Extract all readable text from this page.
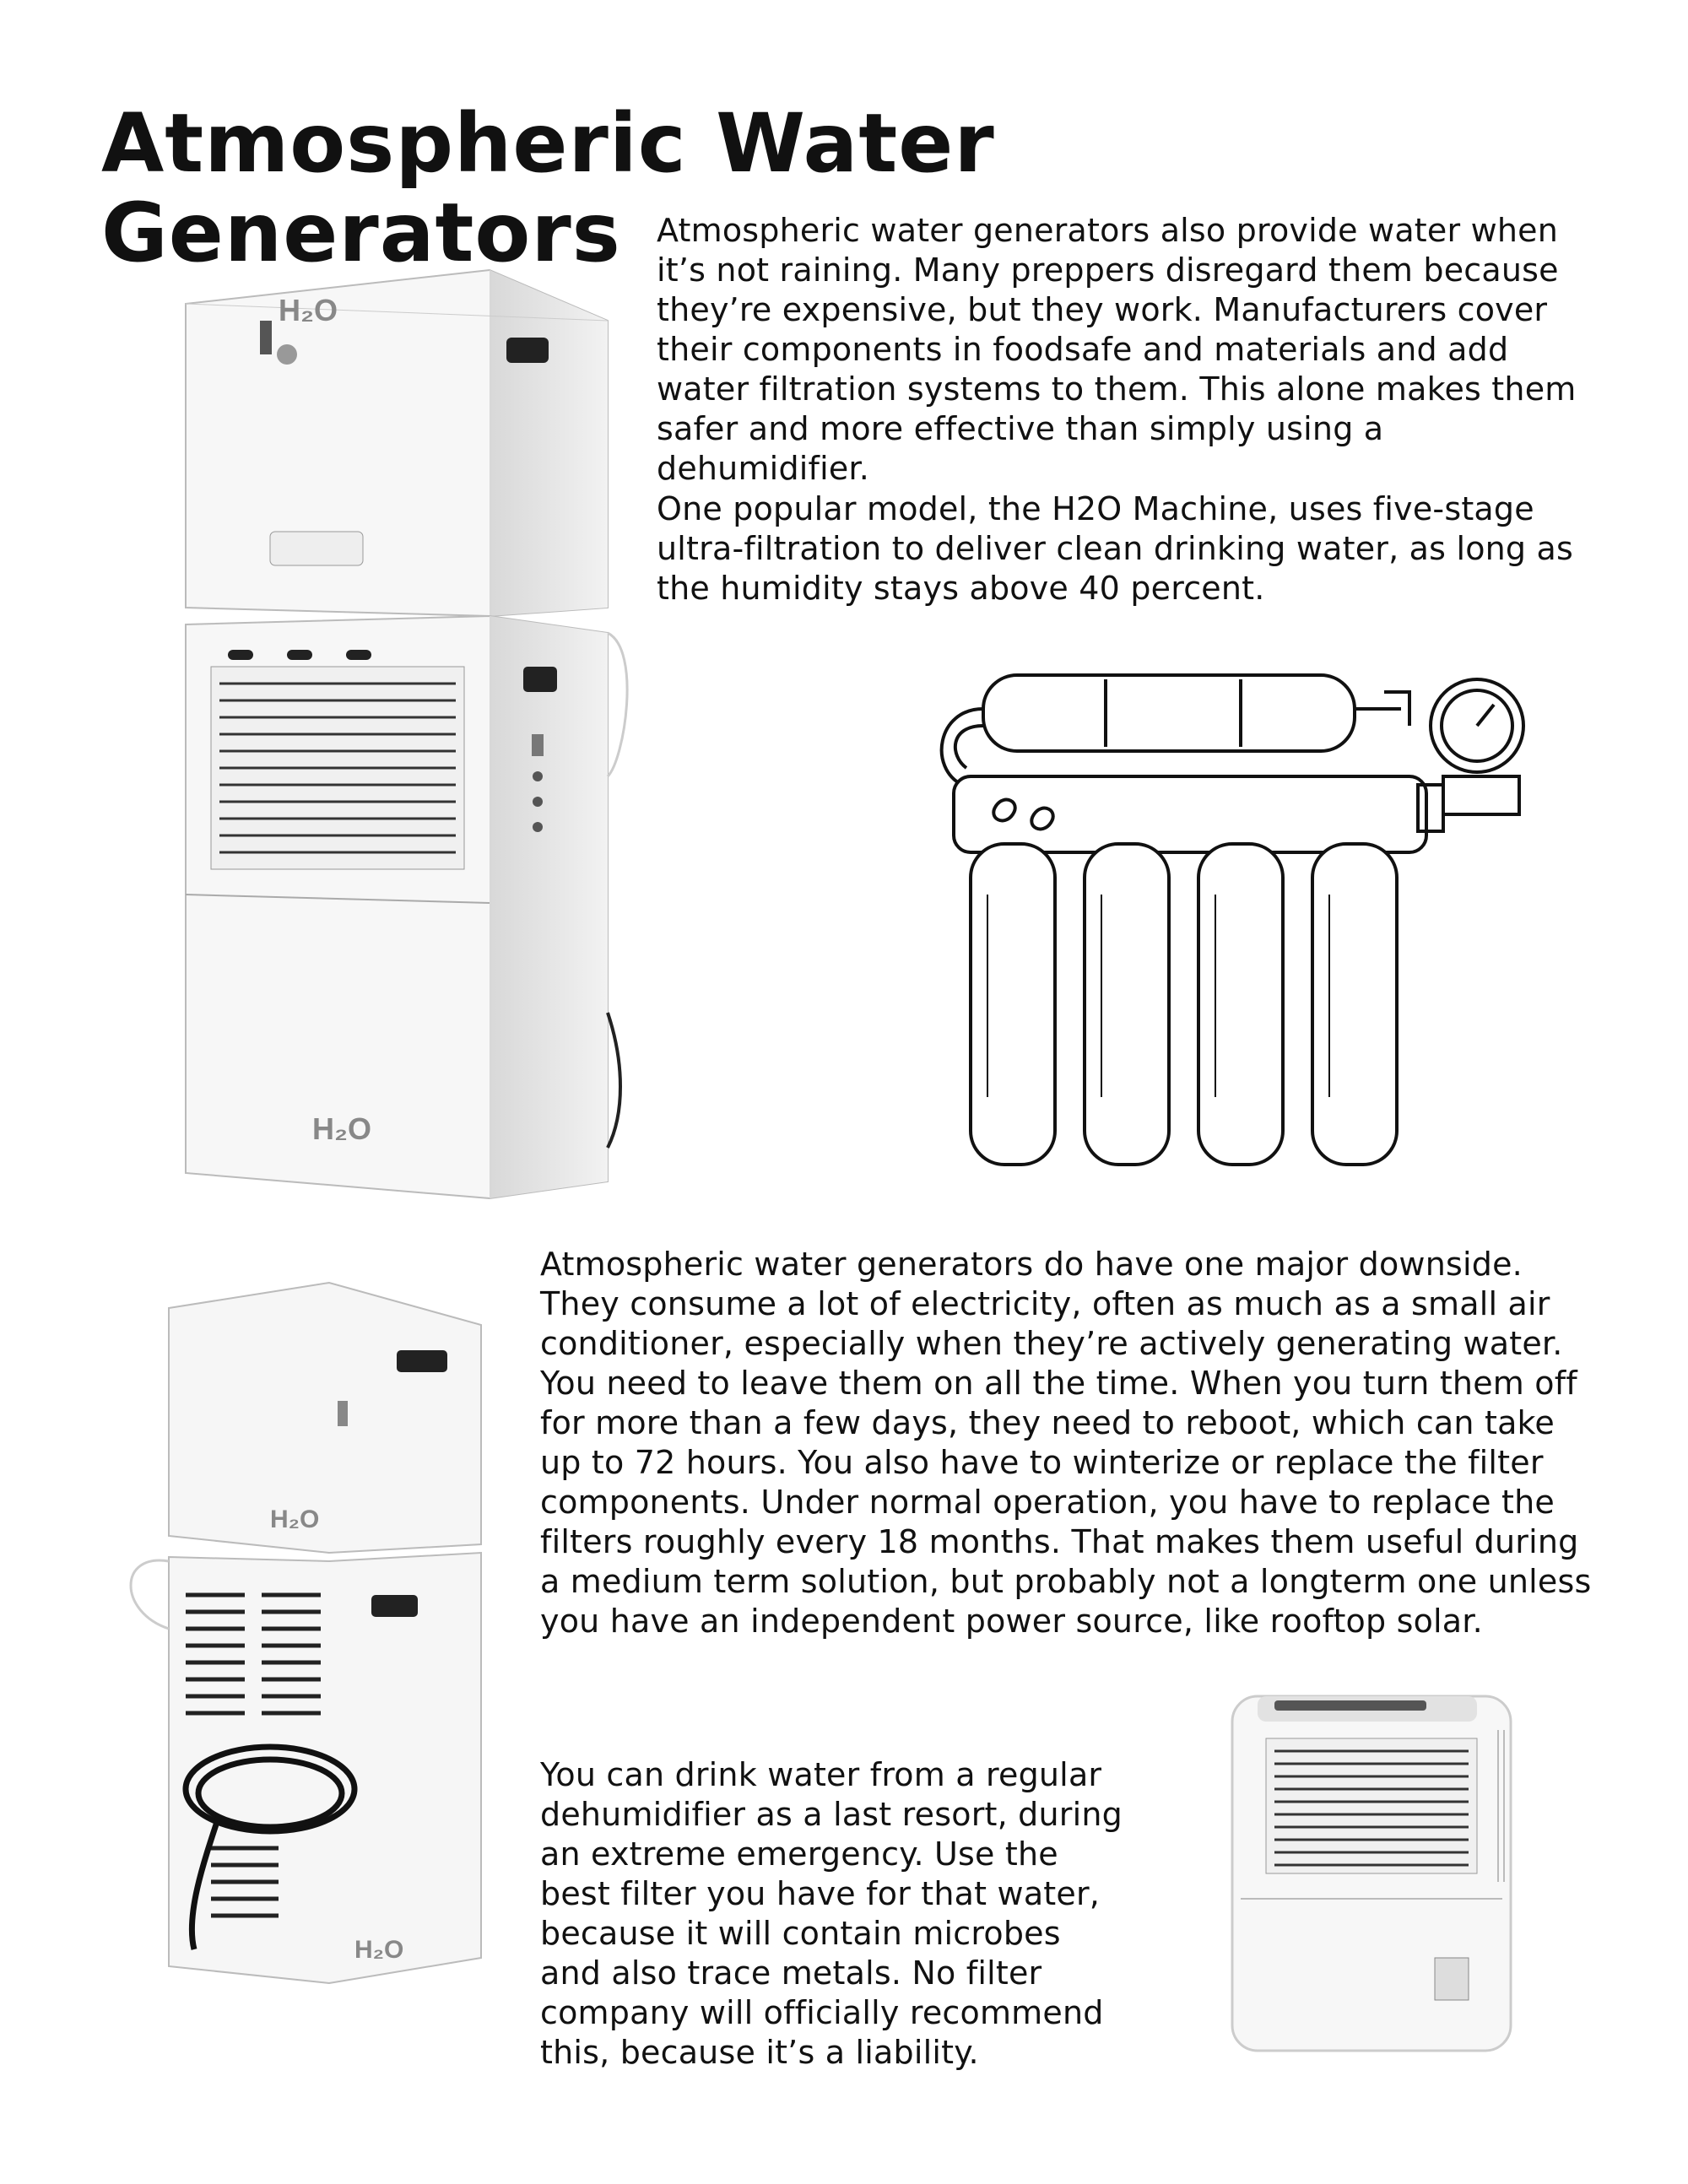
Atmospheric Water Generators	Atmospheric water generators also provide water when it’s not raining. Many preppers disregard them because they’re expensive, but they work. Manufacturers cover their components in foodsafe and materials and add water filtration systems to them. This alone makes them safer and more effective than simply using a dehumidifier.

One popular model, the H2O Machine, uses five-stage ultra-filtration to deliver clean drinking water, as long as the humidity stays above 40 percent.

Atmospheric water generators do have one major downside. They consume a lot of electricity, often as much as a small air conditioner, especially when they’re actively generating water. You need to leave them on all the time. When you turn them off for more than a few days, they need to reboot, which can take up to 72 hours. You also have to winterize or replace the filter components. Under normal operation, you have to replace the filters roughly every 18 months. That makes them useful during a medium term solution, but probably not a longterm one unless you have an independent power source, like rooftop solar.

You can drink water from a regular dehumidifier as a last resort, during an extreme emergency. Use the best filter you have for that water, because it will contain microbes and also trace metals. No filter company will officially recommend this, because it’s a liability.

H₂O
H₂O
H₂O
H₂O
